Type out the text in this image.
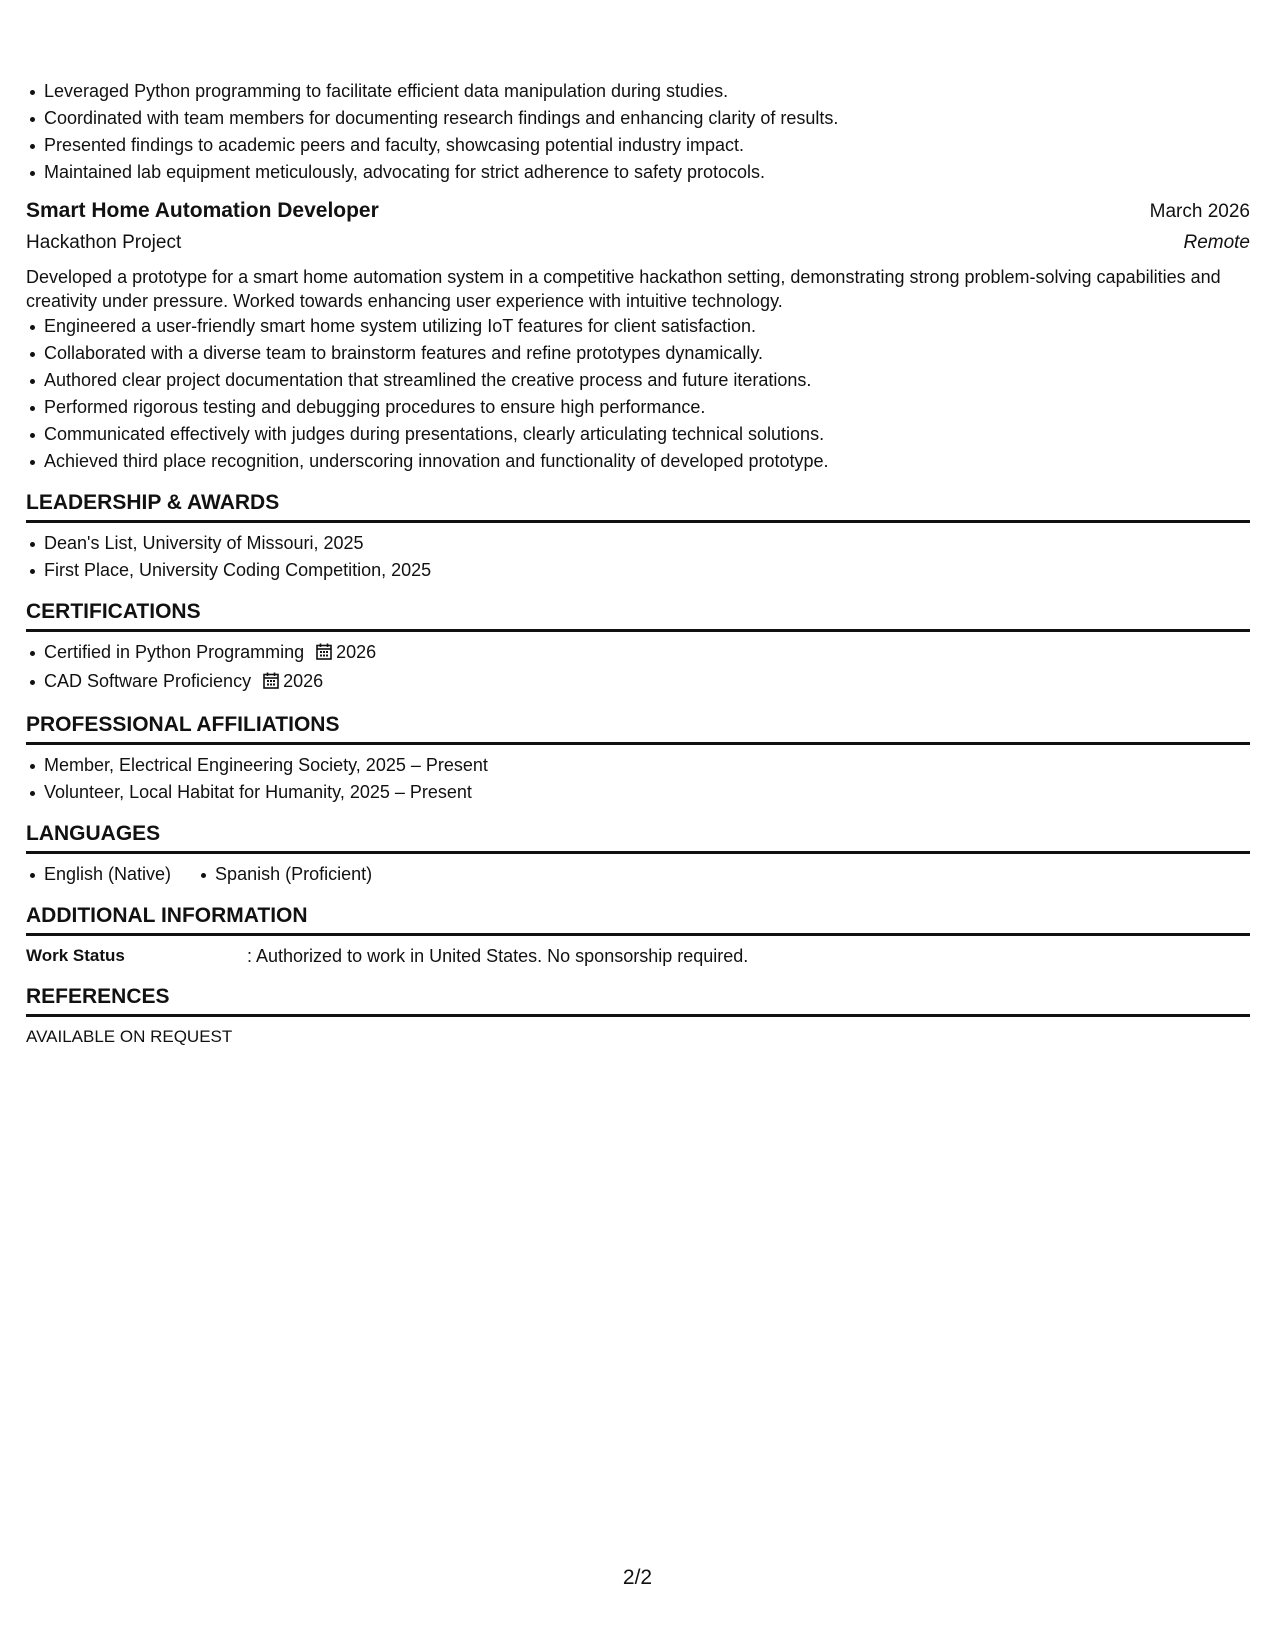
Leveraged Python programming to facilitate efficient data manipulation during studies.
Coordinated with team members for documenting research findings and enhancing clarity of results.
Presented findings to academic peers and faculty, showcasing potential industry impact.
Maintained lab equipment meticulously, advocating for strict adherence to safety protocols.
Smart Home Automation Developer	March 2026
Hackathon Project	Remote
Developed a prototype for a smart home automation system in a competitive hackathon setting, demonstrating strong problem-solving capabilities and creativity under pressure. Worked towards enhancing user experience with intuitive technology.
Engineered a user-friendly smart home system utilizing IoT features for client satisfaction.
Collaborated with a diverse team to brainstorm features and refine prototypes dynamically.
Authored clear project documentation that streamlined the creative process and future iterations.
Performed rigorous testing and debugging procedures to ensure high performance.
Communicated effectively with judges during presentations, clearly articulating technical solutions.
Achieved third place recognition, underscoring innovation and functionality of developed prototype.
LEADERSHIP & AWARDS
Dean's List, University of Missouri, 2025
First Place, University Coding Competition, 2025
CERTIFICATIONS
Certified in Python Programming 2026
CAD Software Proficiency 2026
PROFESSIONAL AFFILIATIONS
Member, Electrical Engineering Society, 2025 – Present
Volunteer, Local Habitat for Humanity, 2025 – Present
LANGUAGES
English (Native) Spanish (Proficient)
ADDITIONAL INFORMATION
Work Status	: Authorized to work in United States. No sponsorship required.
REFERENCES
AVAILABLE ON REQUEST
2/2
